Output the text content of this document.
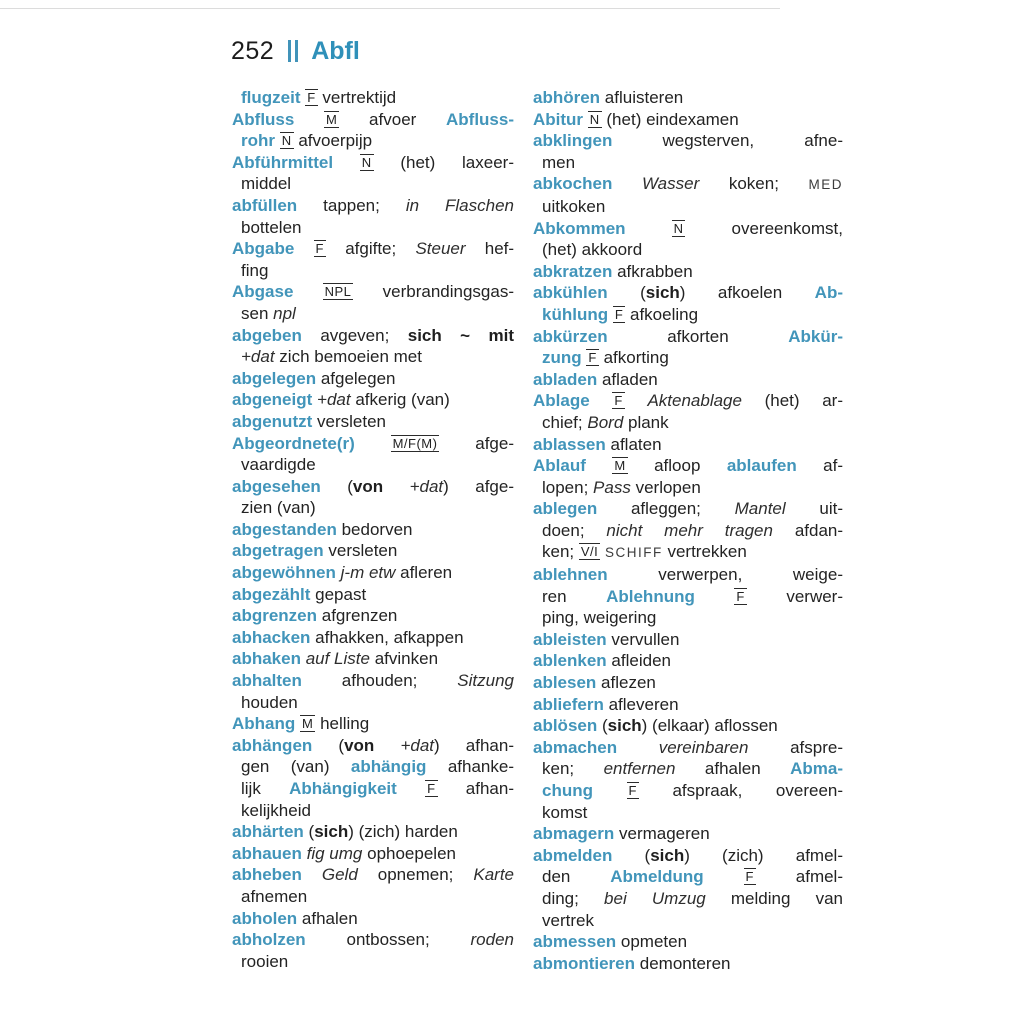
252 Abfl
flugzeit F vertrektijd
Abfluss M afvoer Abfluss-
rohr N afvoerpijp
Abführmittel N (het) laxeer-
middel
abfüllen tappen; in Flaschen
bottelen
Abgabe F afgifte; Steuer hef-
fing
Abgase NPL verbrandingsgas-
sen npl
abgeben avgeven; sich ~ mit
+dat zich bemoeien met
abgelegen afgelegen
abgeneigt +dat afkerig (van)
abgenutzt versleten
Abgeordnete(r) M/F(M) afge-
vaardigde
abgesehen (von +dat) afge-
zien (van)
abgestanden bedorven
abgetragen versleten
abgewöhnen j-m etw afleren
abgezählt gepast
abgrenzen afgrenzen
abhacken afhakken, afkappen
abhaken auf Liste afvinken
abhalten afhouden; Sitzung
houden
Abhang M helling
abhängen (von +dat) afhan-
gen (van) abhängig afhanke-
lijk Abhängigkeit F afhan-
kelijkheid
abhärten (sich) (zich) harden
abhauen fig umg ophoepelen
abheben Geld opnemen; Karte
afnemen
abholen afhalen
abholzen ontbossen; roden
rooien
abhören afluisteren
Abitur N (het) eindexamen
abklingen wegsterven, afne-
men
abkochen Wasser koken; MED
uitkoken
Abkommen N overeenkomst,
(het) akkoord
abkratzen afkrabben
abkühlen (sich) afkoelen Ab-
kühlung F afkoeling
abkürzen afkorten Abkür-
zung F afkorting
abladen afladen
Ablage F Aktenablage (het) ar-
chief; Bord plank
ablassen aflaten
Ablauf M afloop ablaufen af-
lopen; Pass verlopen
ablegen afleggen; Mantel uit-
doen; nicht mehr tragen afdan-
ken; V/I SCHIFF vertrekken
ablehnen verwerpen, weige-
ren Ablehnung F verwer-
ping, weigering
ableisten vervullen
ablenken afleiden
ablesen aflezen
abliefern afleveren
ablösen (sich) (elkaar) aflossen
abmachen vereinbaren afspre-
ken; entfernen afhalen Abma-
chung F afspraak, overeen-
komst
abmagern vermageren
abmelden (sich) (zich) afmel-
den Abmeldung F afmel-
ding; bei Umzug melding van
vertrek
abmessen opmeten
abmontieren demonteren
